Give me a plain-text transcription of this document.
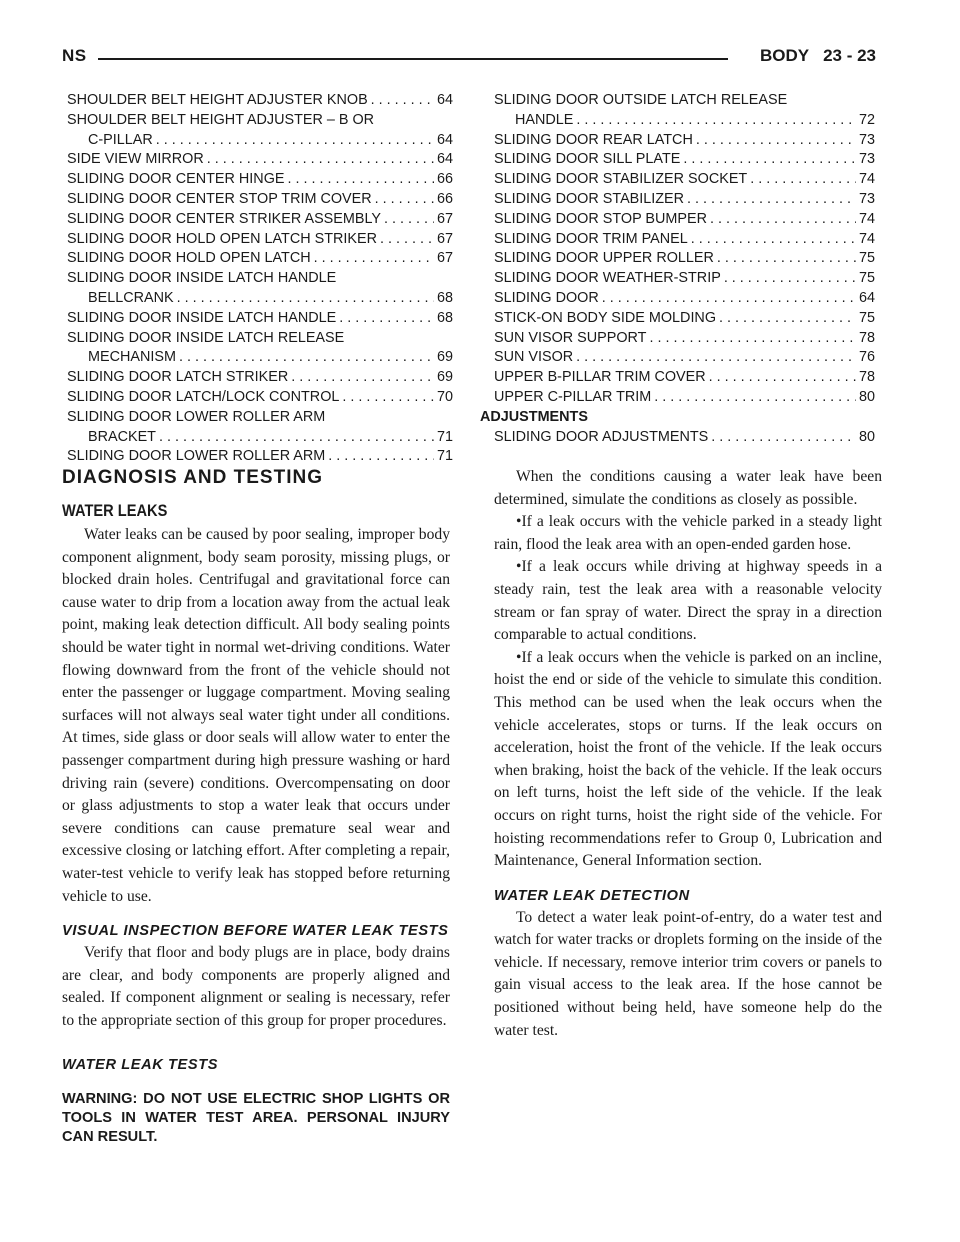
NS	BODY 23 - 23
SHOULDER BELT HEIGHT ADJUSTER KNOB . . .	64
SHOULDER BELT HEIGHT ADJUSTER – B OR
C-PILLAR . . .	64
SIDE VIEW MIRROR . . .	64
SLIDING DOOR CENTER HINGE . . .	66
SLIDING DOOR CENTER STOP TRIM COVER . . .	66
SLIDING DOOR CENTER STRIKER ASSEMBLY . . .	67
SLIDING DOOR HOLD OPEN LATCH STRIKER . . .	67
SLIDING DOOR HOLD OPEN LATCH . . .	67
SLIDING DOOR INSIDE LATCH HANDLE
BELLCRANK . . .	68
SLIDING DOOR INSIDE LATCH HANDLE . . .	68
SLIDING DOOR INSIDE LATCH RELEASE
MECHANISM . . .	69
SLIDING DOOR LATCH STRIKER . . .	69
SLIDING DOOR LATCH/LOCK CONTROL . . .	70
SLIDING DOOR LOWER ROLLER ARM
BRACKET . . .	71
SLIDING DOOR LOWER ROLLER ARM . . .	71
SLIDING DOOR OUTSIDE LATCH RELEASE
HANDLE . . .	72
SLIDING DOOR REAR LATCH . . .	73
SLIDING DOOR SILL PLATE . . .	73
SLIDING DOOR STABILIZER SOCKET . . .	74
SLIDING DOOR STABILIZER . . .	73
SLIDING DOOR STOP BUMPER . . .	74
SLIDING DOOR TRIM PANEL . . .	74
SLIDING DOOR UPPER ROLLER . . .	75
SLIDING DOOR WEATHER-STRIP . . .	75
SLIDING DOOR . . .	64
STICK-ON BODY SIDE MOLDING . . .	75
SUN VISOR SUPPORT . . .	78
SUN VISOR . . .	76
UPPER B-PILLAR TRIM COVER . . .	78
UPPER C-PILLAR TRIM . . .	80
ADJUSTMENTS
SLIDING DOOR ADJUSTMENTS . . .	80
DIAGNOSIS AND TESTING
WATER LEAKS

Water leaks can be caused by poor sealing, improper body component alignment, body seam porosity, missing plugs, or blocked drain holes. Centrifugal and gravitational force can cause water to drip from a location away from the actual leak point, making leak detection difficult. All body sealing points should be water tight in normal wet-driving conditions. Water flowing downward from the front of the vehicle should not enter the passenger or luggage compartment. Moving sealing surfaces will not always seal water tight under all conditions. At times, side glass or door seals will allow water to enter the passenger compartment during high pressure washing or hard driving rain (severe) conditions. Overcompensating on door or glass adjustments to stop a water leak that occurs under severe conditions can cause premature seal wear and excessive closing or latching effort. After completing a repair, water-test vehicle to verify leak has stopped before returning vehicle to use.

VISUAL INSPECTION BEFORE WATER LEAK TESTS

Verify that floor and body plugs are in place, body drains are clear, and body components are properly aligned and sealed. If component alignment or sealing is necessary, refer to the appropriate section of this group for proper procedures.

WATER LEAK TESTS
WARNING: DO NOT USE ELECTRIC SHOP LIGHTS OR TOOLS IN WATER TEST AREA. PERSONAL INJURY CAN RESULT.

When the conditions causing a water leak have been determined, simulate the conditions as closely as possible.

•If a leak occurs with the vehicle parked in a steady light rain, flood the leak area with an open-ended garden hose.

•If a leak occurs while driving at highway speeds in a steady rain, test the leak area with a reasonable velocity stream or fan spray of water. Direct the spray in a direction comparable to actual conditions.

•If a leak occurs when the vehicle is parked on an incline, hoist the end or side of the vehicle to simulate this condition. This method can be used when the leak occurs when the vehicle accelerates, stops or turns. If the leak occurs on acceleration, hoist the front of the vehicle. If the leak occurs when braking, hoist the back of the vehicle. If the leak occurs on left turns, hoist the left side of the vehicle. If the leak occurs on right turns, hoist the right side of the vehicle. For hoisting recommendations refer to Group 0, Lubrication and Maintenance, General Information section.

WATER LEAK DETECTION

To detect a water leak point-of-entry, do a water test and watch for water tracks or droplets forming on the inside of the vehicle. If necessary, remove interior trim covers or panels to gain visual access to the leak area. If the hose cannot be positioned without being held, have someone help do the water test.
